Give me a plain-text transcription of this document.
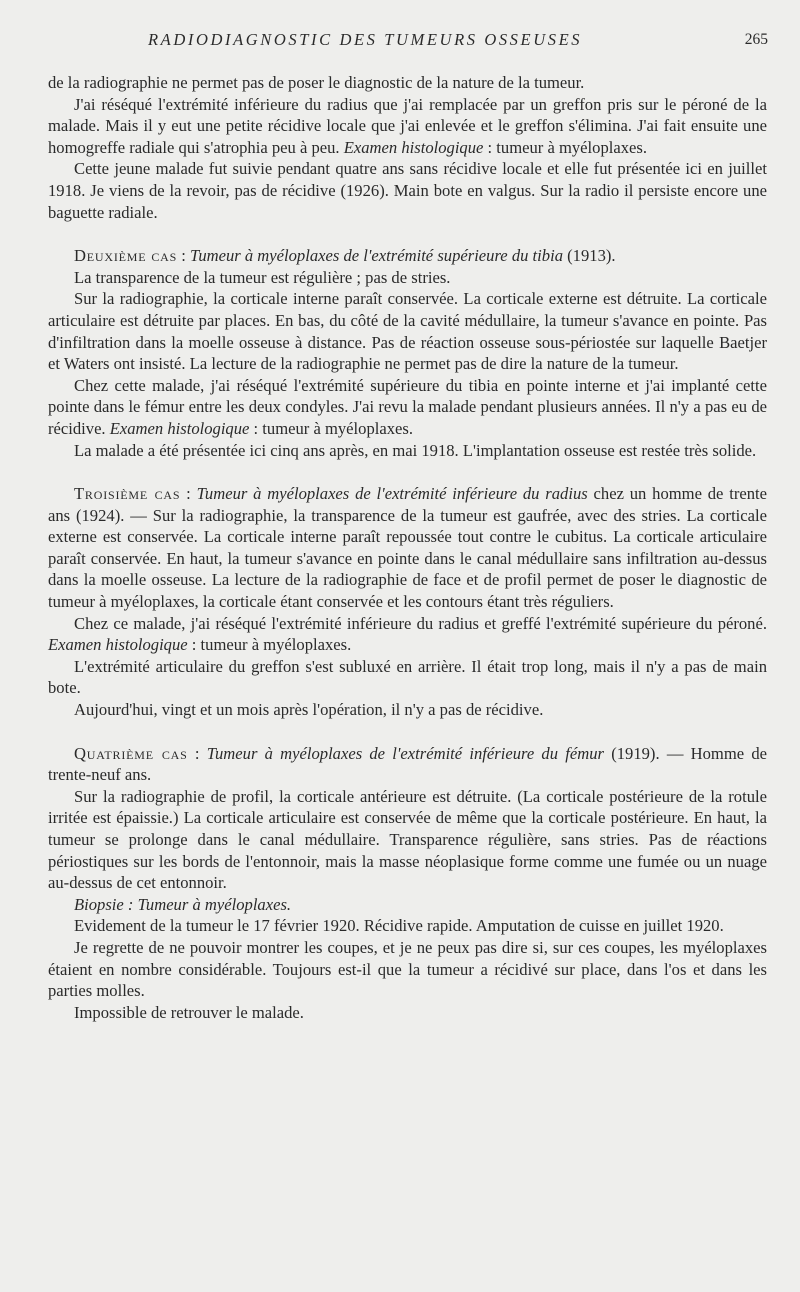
RADIODIAGNOSTIC DES TUMEURS OSSEUSES	265

de la radiographie ne permet pas de poser le diagnostic de la nature de la tumeur.

J'ai réséqué l'extrémité inférieure du radius que j'ai remplacée par un greffon pris sur le péroné de la malade. Mais il y eut une petite récidive locale que j'ai enlevée et le greffon s'élimina. J'ai fait ensuite une homogreffe radiale qui s'atrophia peu à peu. Examen histologique : tumeur à myéloplaxes.

Cette jeune malade fut suivie pendant quatre ans sans récidive locale et elle fut présentée ici en juillet 1918. Je viens de la revoir, pas de récidive (1926). Main bote en valgus. Sur la radio il persiste encore une baguette radiale.

Deuxième cas : Tumeur à myéloplaxes de l'extrémité supérieure du tibia (1913).

La transparence de la tumeur est régulière ; pas de stries.

Sur la radiographie, la corticale interne paraît conservée. La corticale externe est détruite. La corticale articulaire est détruite par places. En bas, du côté de la cavité médullaire, la tumeur s'avance en pointe. Pas d'infiltration dans la moelle osseuse à distance. Pas de réaction osseuse sous-périostée sur laquelle Baetjer et Waters ont insisté. La lecture de la radiographie ne permet pas de dire la nature de la tumeur.

Chez cette malade, j'ai réséqué l'extrémité supérieure du tibia en pointe interne et j'ai implanté cette pointe dans le fémur entre les deux condyles. J'ai revu la malade pendant plusieurs années. Il n'y a pas eu de récidive. Examen histologique : tumeur à myéloplaxes.

La malade a été présentée ici cinq ans après, en mai 1918. L'implantation osseuse est restée très solide.

Troisième cas : Tumeur à myéloplaxes de l'extrémité inférieure du radius chez un homme de trente ans (1924). — Sur la radiographie, la transparence de la tumeur est gaufrée, avec des stries. La corticale externe est conservée. La corticale interne paraît repoussée tout contre le cubitus. La corticale articulaire paraît conservée. En haut, la tumeur s'avance en pointe dans le canal médullaire sans infiltration au-dessus dans la moelle osseuse. La lecture de la radiographie de face et de profil permet de poser le diagnostic de tumeur à myéloplaxes, la corticale étant conservée et les contours étant très réguliers.

Chez ce malade, j'ai réséqué l'extrémité inférieure du radius et greffé l'extrémité supérieure du péroné. Examen histologique : tumeur à myéloplaxes.

L'extrémité articulaire du greffon s'est subluxé en arrière. Il était trop long, mais il n'y a pas de main bote.

Aujourd'hui, vingt et un mois après l'opération, il n'y a pas de récidive.

Quatrième cas : Tumeur à myéloplaxes de l'extrémité inférieure du fémur (1919). — Homme de trente-neuf ans.

Sur la radiographie de profil, la corticale antérieure est détruite. (La corticale postérieure de la rotule irritée est épaissie.) La corticale articulaire est conservée de même que la corticale postérieure. En haut, la tumeur se prolonge dans le canal médullaire. Transparence régulière, sans stries. Pas de réactions périostiques sur les bords de l'entonnoir, mais la masse néoplasique forme comme une fumée ou un nuage au-dessus de cet entonnoir.

Biopsie : Tumeur à myéloplaxes.

Evidement de la tumeur le 17 février 1920. Récidive rapide. Amputation de cuisse en juillet 1920.

Je regrette de ne pouvoir montrer les coupes, et je ne peux pas dire si, sur ces coupes, les myéloplaxes étaient en nombre considérable. Toujours est-il que la tumeur a récidivé sur place, dans l'os et dans les parties molles.

Impossible de retrouver le malade.
